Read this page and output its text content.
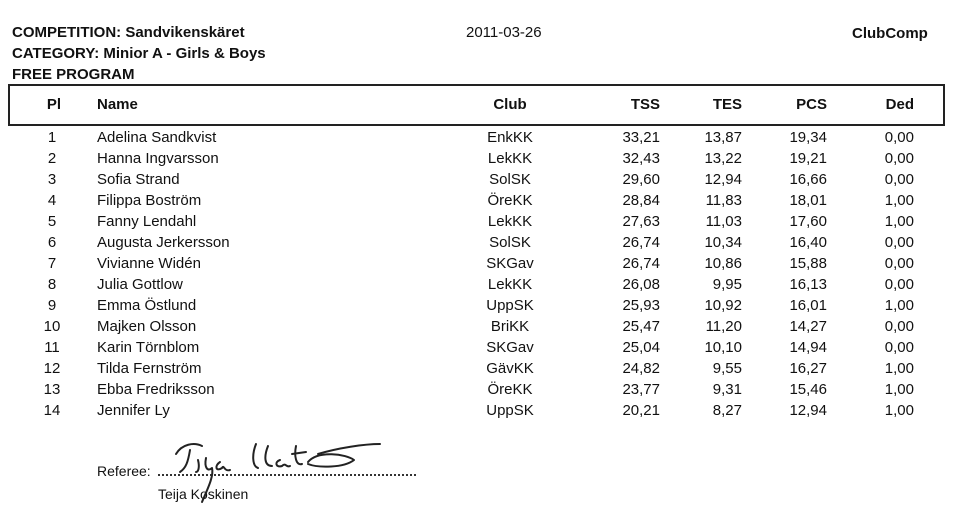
COMPETITION: Sandvikenskäret
CATEGORY: Minior A - Girls & Boys
FREE PROGRAM
2011-03-26	ClubComp
Pl	Name	Club	TSS	TES	PCS	Ded
1	Adelina Sandkvist	EnkKK	33,21	13,87	19,34	0,00
2	Hanna Ingvarsson	LekKK	32,43	13,22	19,21	0,00
3	Sofia Strand	SolSK	29,60	12,94	16,66	0,00
4	Filippa Boström	ÖreKK	28,84	11,83	18,01	1,00
5	Fanny Lendahl	LekKK	27,63	11,03	17,60	1,00
6	Augusta Jerkersson	SolSK	26,74	10,34	16,40	0,00
7	Vivianne Widén	SKGav	26,74	10,86	15,88	0,00
8	Julia Gottlow	LekKK	26,08	9,95	16,13	0,00
9	Emma Östlund	UppSK	25,93	10,92	16,01	1,00
10	Majken Olsson	BriKK	25,47	11,20	14,27	0,00
11	Karin Törnblom	SKGav	25,04	10,10	14,94	0,00
12	Tilda Fernström	GävKK	24,82	9,55	16,27	1,00
13	Ebba Fredriksson	ÖreKK	23,77	9,31	15,46	1,00
14	Jennifer Ly	UppSK	20,21	8,27	12,94	1,00
Referee:
Teija Koskinen
